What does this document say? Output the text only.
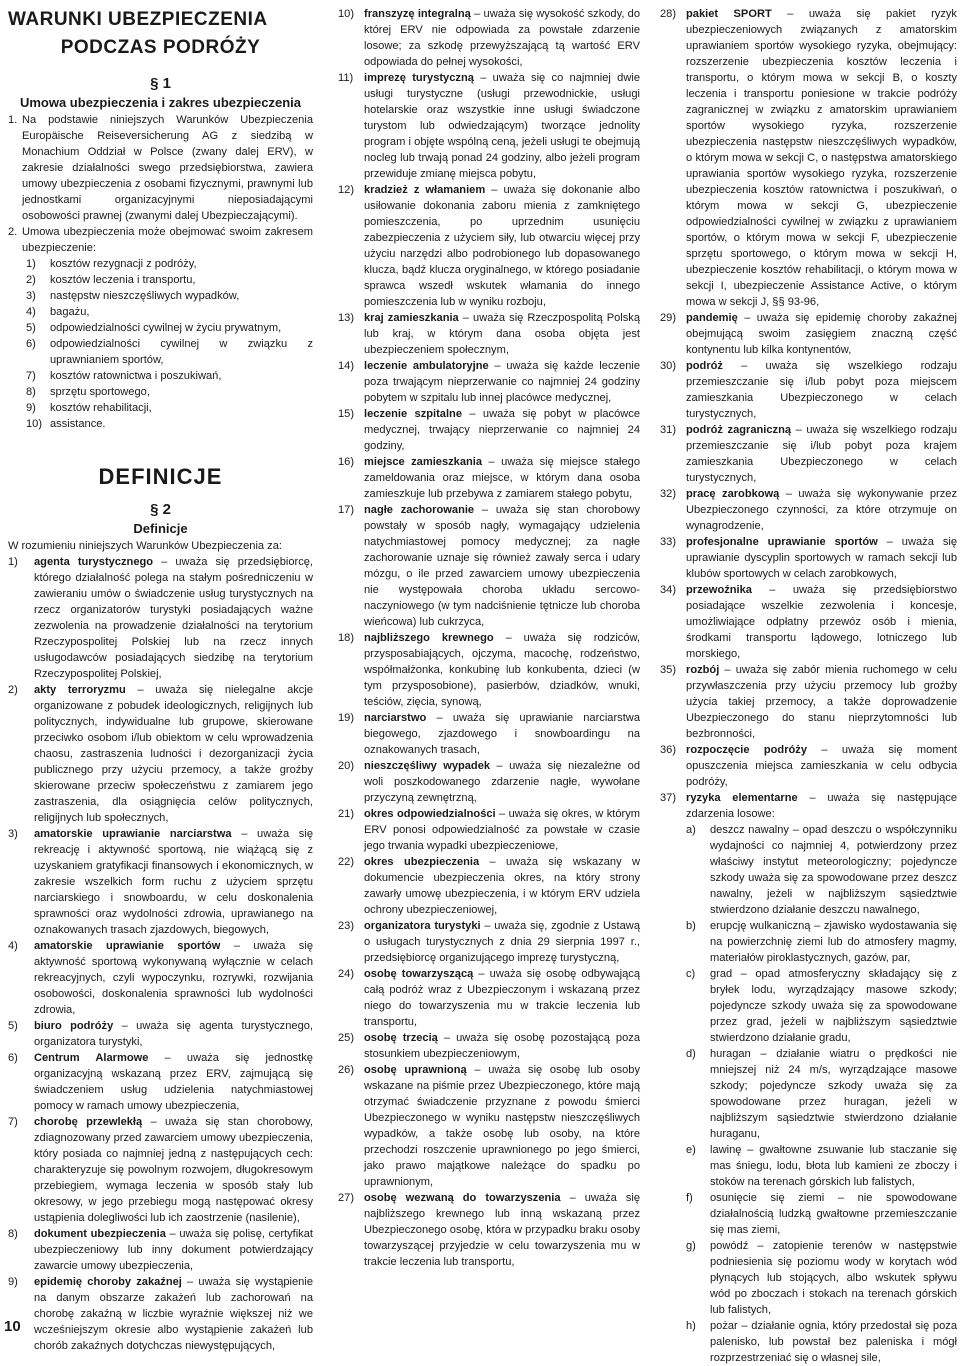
WARUNKI UBEZPIECZENIA
PODCZAS PODRÓŻY
§ 1
Umowa ubezpieczenia i zakres ubezpieczenia
1. Na podstawie niniejszych Warunków Ubezpieczenia Europäische Reiseversicherung AG z siedzibą w Monachium Oddział w Polsce (zwany dalej ERV), w zakresie działalności swego przedsiębiorstwa, zawiera umowy ubezpieczenia z osobami fizycznymi, prawnymi lub jednostkami organizacyjnymi nieposiadającymi osobowości prawnej (zwanymi dalej Ubezpieczającymi).
2. Umowa ubezpieczenia może obejmować swoim zakresem ubezpieczenie:
1)	kosztów rezygnacji z podróży,
2)	kosztów leczenia i transportu,
3)	następstw nieszczęśliwych wypadków,
4)	bagażu,
5)	odpowiedzialności cywilnej w życiu prywatnym,
6)	odpowiedzialności cywilnej w związku z uprawnianiem sportów,
7)	kosztów ratownictwa i poszukiwań,
8)	sprzętu sportowego,
9)	kosztów rehabilitacji,
10) assistance.
DEFINICJE
§ 2
Definicje
W rozumieniu niniejszych Warunków Ubezpieczenia za:
1)	agenta turystycznego – uważa się przedsiębiorcę, którego działalność polega na stałym pośredniczeniu w zawieraniu umów o świadczenie usług turystycznych na rzecz organizatorów turystyki posiadających ważne zezwolenia na prowadzenie działalności na terytorium Rzeczypospolitej Polskiej lub na rzecz innych usługodawców posiadających siedzibę na terytorium Rzeczypospolitej Polskiej,
2)	akty terroryzmu – uważa się nielegalne akcje organizowane z pobudek ideologicznych, religijnych lub politycznych, indywidualne lub grupowe, skierowane przeciwko osobom i/lub obiektom w celu wprowadzenia chaosu, zastraszenia ludności i dezorganizacji życia publicznego przy użyciu przemocy, a także groźby skierowane przeciw społeczeństwu z zamiarem jego zastraszenia, dla osiągnięcia celów politycznych, religijnych lub społecznych,
3)	amatorskie uprawianie narciarstwa – uważa się rekreację i aktywność sportową, nie wiążącą się z uzyskaniem gratyfikacji finansowych i ekonomicznych, w zakresie wszelkich form ruchu z użyciem sprzętu narciarskiego i snowboardu, w celu doskonalenia sprawności oraz wydolności zdrowia, uprawianego na oznakowanych trasach zjazdowych, biegowych,
4)	amatorskie uprawianie sportów – uważa się aktywność sportową wykonywaną wyłącznie w celach rekreacyjnych, czyli wypoczynku, rozrywki, rozwijania osobowości, doskonalenia sprawności lub wydolności zdrowia,
5)	biuro podróży – uważa się agenta turystycznego, organizatora turystyki,
6)	Centrum Alarmowe – uważa się jednostkę organizacyjną wskazaną przez ERV, zajmującą się świadczeniem usług udzielenia natychmiastowej pomocy w ramach umowy ubezpieczenia,
7)	chorobę przewlekłą – uważa się stan chorobowy, zdiagnozowany przed zawarciem umowy ubezpieczenia, który posiada co najmniej jedną z następujących cech: charakteryzuje się powolnym rozwojem, długokresowym przebiegiem, wymaga leczenia w sposób stały lub okresowy, w jego przebiegu mogą następować okresy ustąpienia dolegliwości lub ich zaostrzenie (nasilenie),
8)	dokument ubezpieczenia – uważa się polisę, certyfikat ubezpieczeniowy lub inny dokument potwierdzający zawarcie umowy ubezpieczenia,
9)	epidemię choroby zakaźnej – uważa się wystąpienie na danym obszarze zakażeń lub zachorowań na chorobę zakaźną w liczbie wyraźnie większej niż we wcześniejszym okresie albo wystąpienie zakażeń lub chorób zakaźnych dotychczas niewystępujących,
10) franszyzę integralną – uważa się wysokość szkody, do której ERV nie odpowiada za powstałe zdarzenie losowe; za szkodę przewyższającą tą wartość ERV odpowiada do pełnej wysokości,
11) imprezę turystyczną – uważa się co najmniej dwie usługi turystyczne (usługi przewodnickie, usługi hotelarskie oraz wszystkie inne usługi świadczone turystom lub odwiedzającym) tworzące jednolity program i objęte wspólną ceną, jeżeli usługi te obejmują nocleg lub trwają ponad 24 godziny, albo jeżeli program przewiduje zmianę miejsca pobytu,
12) kradzież z włamaniem – uważa się dokonanie albo usiłowanie dokonania zaboru mienia z zamkniętego pomieszczenia, po uprzednim usunięciu zabezpieczenia z użyciem siły, lub otwarciu więcej przy użyciu narzędzi albo podrobionego lub dopasowanego klucza, bądź klucza oryginalnego, w którego posiadanie sprawca wszedł wskutek włamania do innego pomieszczenia lub w wyniku rozboju,
13) kraj zamieszkania – uważa się Rzeczpospolitą Polską lub kraj, w którym dana osoba objęta jest ubezpieczeniem społecznym,
14) leczenie ambulatoryjne – uważa się każde leczenie poza trwającym nieprzerwanie co najmniej 24 godziny pobytem w szpitalu lub innej placówce medycznej,
15) leczenie szpitalne – uważa się pobyt w placówce medycznej, trwający nieprzerwanie co najmniej 24 godziny,
16) miejsce zamieszkania – uważa się miejsce stałego zameldowania oraz miejsce, w którym dana osoba zamieszkuje lub przebywa z zamiarem stałego pobytu,
17) nagłe zachorowanie – uważa się stan chorobowy powstały w sposób nagły, wymagający udzielenia natychmiastowej pomocy medycznej; za nagłe zachorowanie uznaje się również zawały serca i udary mózgu, o ile przed zawarciem umowy ubezpieczenia nie występowała choroba układu sercowo-naczyniowego (w tym nadciśnienie tętnicze lub choroba wieńcowa) lub cukrzyca,
18) najbliższego krewnego – uważa się rodziców, przysposabiających, ojczyma, macochę, rodzeństwo, współmałżonka, konkubinę lub konkubenta, dzieci (w tym przysposobione), pasierbów, dziadków, wnuki, teściów, zięcia, synową,
19) narciarstwo – uważa się uprawianie narciarstwa biegowego, zjazdowego i snowboardingu na oznakowanych trasach,
20) nieszczęśliwy wypadek – uważa się niezależne od woli poszkodowanego zdarzenie nagłe, wywołane przyczyną zewnętrzną,
21) okres odpowiedzialności – uważa się okres, w którym ERV ponosi odpowiedzialność za powstałe w czasie jego trwania wypadki ubezpieczeniowe,
22) okres ubezpieczenia – uważa się wskazany w dokumencie ubezpieczenia okres, na który strony zawarły umowę ubezpieczenia, i w którym ERV udziela ochrony ubezpieczeniowej,
23) organizatora turystyki – uważa się, zgodnie z Ustawą o usługach turystycznych z dnia 29 sierpnia 1997 r., przedsiębiorcę organizującego imprezę turystyczną,
24) osobę towarzyszącą – uważa się osobę odbywającą całą podróż wraz z Ubezpieczonym i wskazaną przez niego do towarzyszenia mu w trakcie leczenia lub transportu,
25) osobę trzecią – uważa się osobę pozostającą poza stosunkiem ubezpieczeniowym,
26) osobę uprawnioną – uważa się osobę lub osoby wskazane na piśmie przez Ubezpieczonego, które mają otrzymać świadczenie przyznane z powodu śmierci Ubezpieczonego w wyniku następstw nieszczęśliwych wypadków, a także osobę lub osoby, na które przechodzi roszczenie uprawnionego po jego śmierci, jako prawo majątkowe należące do spadku po uprawnionym,
27) osobę wezwaną do towarzyszenia – uważa się najbliższego krewnego lub inną wskazaną przez Ubezpieczonego osobę, która w przypadku braku osoby towarzyszącej przyjedzie w celu towarzyszenia mu w trakcie leczenia lub transportu,
28) pakiet SPORT – uważa się pakiet ryzyk ubezpieczeniowych związanych z amatorskim uprawianiem sportów wysokiego ryzyka, obejmujący: rozszerzenie ubezpieczenia kosztów leczenia i transportu, o którym mowa w sekcji B, o koszty leczenia i transportu poniesione w trakcie podróży zagranicznej w związku z amatorskim uprawianiem sportów wysokiego ryzyka, rozszerzenie ubezpieczenia następstw nieszczęśliwych wypadków, o którym mowa w sekcji C, o następstwa amatorskiego uprawiania sportów wysokiego ryzyka, rozszerzenie ubezpieczenia kosztów ratownictwa i poszukiwań, o którym mowa w sekcji G, ubezpieczenie odpowiedzialności cywilnej w związku z uprawianiem sportów, o którym mowa w sekcji F, ubezpieczenie sprzętu sportowego, o którym mowa w sekcji H, ubezpieczenie kosztów rehabilitacji, o którym mowa w sekcji I, ubezpieczenie Assistance Active, o którym mowa w sekcji J, §§ 93-96,
29) pandemię – uważa się epidemię choroby zakaźnej obejmującą swoim zasięgiem znaczną część kontynentu lub kilka kontynentów,
30) podróż – uważa się wszelkiego rodzaju przemieszczanie się i/lub pobyt poza miejscem zamieszkania Ubezpieczonego w celach turystycznych,
31) podróż zagraniczną – uważa się wszelkiego rodzaju przemieszczanie się i/lub pobyt poza krajem zamieszkania Ubezpieczonego w celach turystycznych,
32) pracę zarobkową – uważa się wykonywanie przez Ubezpieczonego czynności, za które otrzymuje on wynagrodzenie,
33) profesjonalne uprawianie sportów – uważa się uprawianie dyscyplin sportowych w ramach sekcji lub klubów sportowych w celach zarobkowych,
34) przewoźnika – uważa się przedsiębiorstwo posiadające wszelkie zezwolenia i koncesje, umożliwiające odpłatny przewóz osób i mienia, środkami transportu lądowego, lotniczego lub morskiego,
35) rozbój – uważa się zabór mienia ruchomego w celu przywłaszczenia przy użyciu przemocy lub groźby użycia takiej przemocy, a także doprowadzenie Ubezpieczonego do stanu nieprzytomności lub bezbronności,
36) rozpoczęcie podróży – uważa się moment opuszczenia miejsca zamieszkania w celu odbycia podróży,
37) ryzyka elementarne – uważa się następujące zdarzenia losowe:
a)	deszcz nawalny – opad deszczu o współczynniku wydajności co najmniej 4, potwierdzony przez właściwy instytut meteorologiczny; pojedyncze szkody uważa się za spowodowane przez deszcz nawalny, jeżeli w najbliższym sąsiedztwie stwierdzono działanie deszczu nawalnego,
b)	erupcję wulkaniczną – zjawisko wydostawania się na powierzchnię ziemi lub do atmosfery magmy, materiałów piroklastycznych, gazów, par,
c)	grad – opad atmosferyczny składający się z bryłek lodu, wyrządzający masowe szkody; pojedyncze szkody uważa się za spowodowane przez grad, jeżeli w najbliższym sąsiedztwie stwierdzono działanie gradu,
d)	huragan – działanie wiatru o prędkości nie mniejszej niż 24 m/s, wyrządzające masowe szkody; pojedyncze szkody uważa się za spowodowane przez huragan, jeżeli w najbliższym sąsiedztwie stwierdzono działanie huraganu,
e)	lawinę – gwałtowne zsuwanie lub staczanie się mas śniegu, lodu, błota lub kamieni ze zboczy i stoków na terenach górskich lub falistych,
f)	osunięcie się ziemi – nie spowodowane działalnością ludzką gwałtowne przemieszczanie się mas ziemi,
g)	powódź – zatopienie terenów w następstwie podniesienia się poziomu wody w korytach wód płynących lub stojących, albo wskutek spływu wód po zboczach i stokach na terenach górskich lub falistych,
h)	pożar – działanie ognia, który przedostał się poza palenisko, lub powstał bez paleniska i mógł rozprzestrzeniać się o własnej sile,
10
